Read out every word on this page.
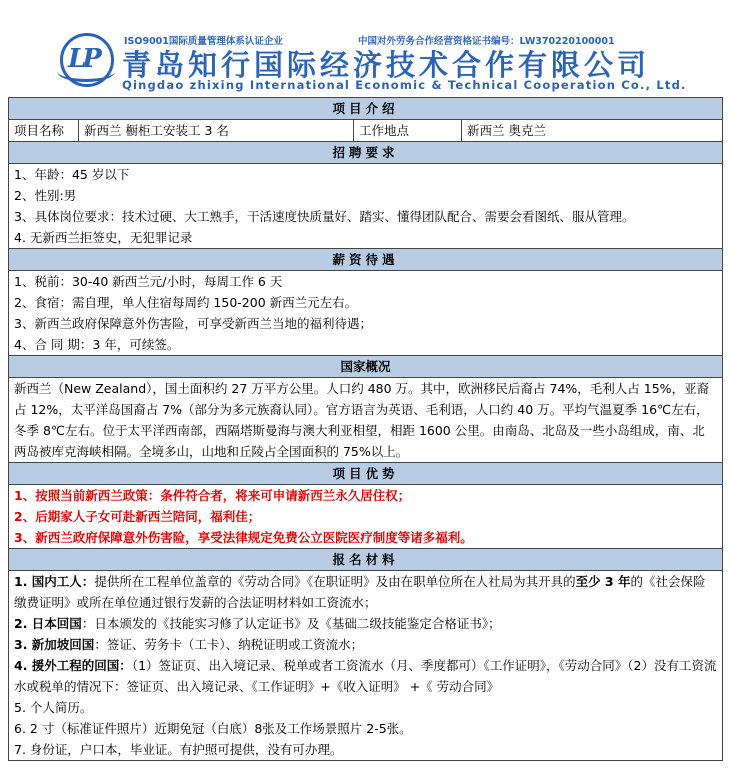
LP
ISO9001国际质量管理体系认证企业	中国对外劳务合作经营资格证书编号：LW370220100001
青岛知行国际经济技术合作有限公司
Qingdao zhixing International Economic & Technical Cooperation Co., Ltd.
项目介绍
项目名称	新西兰 橱柜工安装工 3 名	工作地点	新西兰 奥克兰
招聘要求

1、年龄：45 岁以下
2、性别:男
3、具体岗位要求：技术过硬、大工熟手，干活速度快质量好、踏实、懂得团队配合、需要会看图纸、服从管理。
4. 无新西兰拒签史，无犯罪记录

薪资待遇

1、税前：30-40 新西兰元/小时，每周工作 6 天
2、食宿：需自理，单人住宿每周约 150-200 新西兰元左右。
3、新西兰政府保障意外伤害险，可享受新西兰当地的福利待遇；
4、合 同 期：3 年，可续签。

国家概况

新西兰（New Zealand），国土面积约 27 万平方公里。人口约 480 万。其中，欧洲移民后裔占 74%，毛利人占 15%，亚裔占 12%，太平洋岛国裔占 7%（部分为多元族裔认同）。官方语言为英语、毛利语，人口约 40 万。平均气温夏季 16℃左右，冬季 8℃左右。位于太平洋西南部，西隔塔斯曼海与澳大利亚相望，相距 1600 公里。由南岛、北岛及一些小岛组成，南、北两岛被库克海峡相隔。全境多山，山地和丘陵占全国面积的 75%以上。

项目优势

1、按照当前新西兰政策：条件符合者，将来可申请新西兰永久居住权；
2、后期家人子女可赴新西兰陪同，福利佳；
3、新西兰政府保障意外伤害险，享受法律规定免费公立医院医疗制度等诸多福利。

报名材料

1. 国内工人：提供所在工程单位盖章的《劳动合同》《在职证明》及由在职单位所在人社局为其开具的至少 3 年的《社会保险缴费证明》或所在单位通过银行发薪的合法证明材料如工资流水；
2. 日本回国：日本颁发的《技能实习修了认定证书》及《基础二级技能鉴定合格证书》；
3. 新加坡回国：签证、劳务卡（工卡）、纳税证明或工资流水；
4. 援外工程的回国：（1）签证页、出入境记录、税单或者工资流水（月、季度都可）《工作证明》，《劳动合同》（2）没有工资流水或税单的情况下：签证页、出入境记录、《工作证明》+《收入证明》 +《 劳动合同》
5. 个人简历。
6. 2 寸（标准证件照片）近期免冠（白底）8张及工作场景照片 2-5张。
7. 身份证，户口本，毕业证。有护照可提供，没有可办理。
